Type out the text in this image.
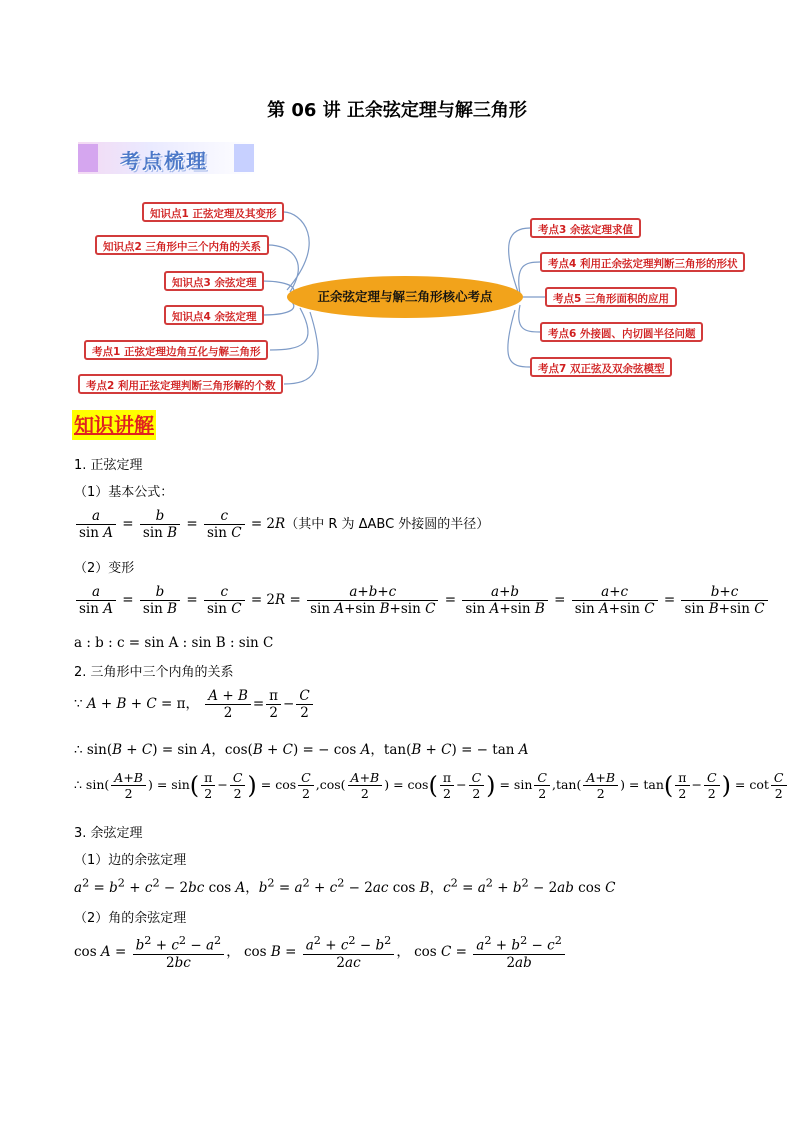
第 06 讲 正余弦定理与解三角形
考点梳理
知识点1 正弦定理及其变形
知识点2 三角形中三个内角的关系
知识点3 余弦定理
知识点4 余弦定理
考点1 正弦定理边角互化与解三角形
考点2 利用正弦定理判断三角形解的个数
正余弦定理与解三角形核心考点
考点3 余弦定理求值
考点4 利用正余弦定理判断三角形的形状
考点5 三角形面积的应用
考点6 外接圆、内切圆半径问题
考点7 双正弦及双余弦模型
知识讲解
1. 正弦定理
（1）基本公式：
$\frac{a}{\text{sin A}} = \frac{b}{\text{sin B}} = \frac{c}{\text{sin C}} = 2R$（其中 R 为 ΔABC 外接圆的半径）
（2）变形
$\frac{a}{\text{sin A}} = \frac{b}{\text{sin B}} = \frac{c}{\text{sin C}} = 2R = \frac{a+b+c}{\text{sin A+sin B+sin C}} = \frac{a+b}{\text{sin A+sin B}} = \frac{a+c}{\text{sin A+sin C}} = \frac{b+c}{\text{sin B+sin C}}$
a : b : c = sin A : sin B : sin C
2. 三角形中三个内角的关系
∵ A + B + C = π， $\frac{A + B}{2} = \frac{\pi}{2} - \frac{C}{2}$
∴ sin(B + C) = sin A，cos(B + C) = − cos A，tan(B + C) = − tan A
∴ $\sin( \frac{A+B}{2}$ ) = $\sin( \frac{\pi}{2} - \frac{C}{2}$ ) = $\cos \frac{C}{2} ,\cos( \frac{A+B}{2}$ ) = $\cos( \frac{\pi}{2} - \frac{C}{2}$ ) = $\sin \frac{C}{2} ,\tan( \frac{A+B}{2}$ ) = $\tan( \frac{\pi}{2} - \frac{C}{2}$ ) = $\cot \frac{C}{2}$
3. 余弦定理
（1）边的余弦定理
$a^2 = b^2 + c^2 - 2bc$ cos A，$b^2 = a^2 + c^2 - 2ac$ cos B，$c^2 = a^2 + b^2 - 2ab$ cos C
（2）角的余弦定理
$\cos A = \frac{b^2 + c^2 - a^2}{2bc}$ ， $\cos B = \frac{a^2 + c^2 - b^2}{2ac}$ ， $\cos C = \frac{a^2 + b^2 - c^2}{2ab}$
